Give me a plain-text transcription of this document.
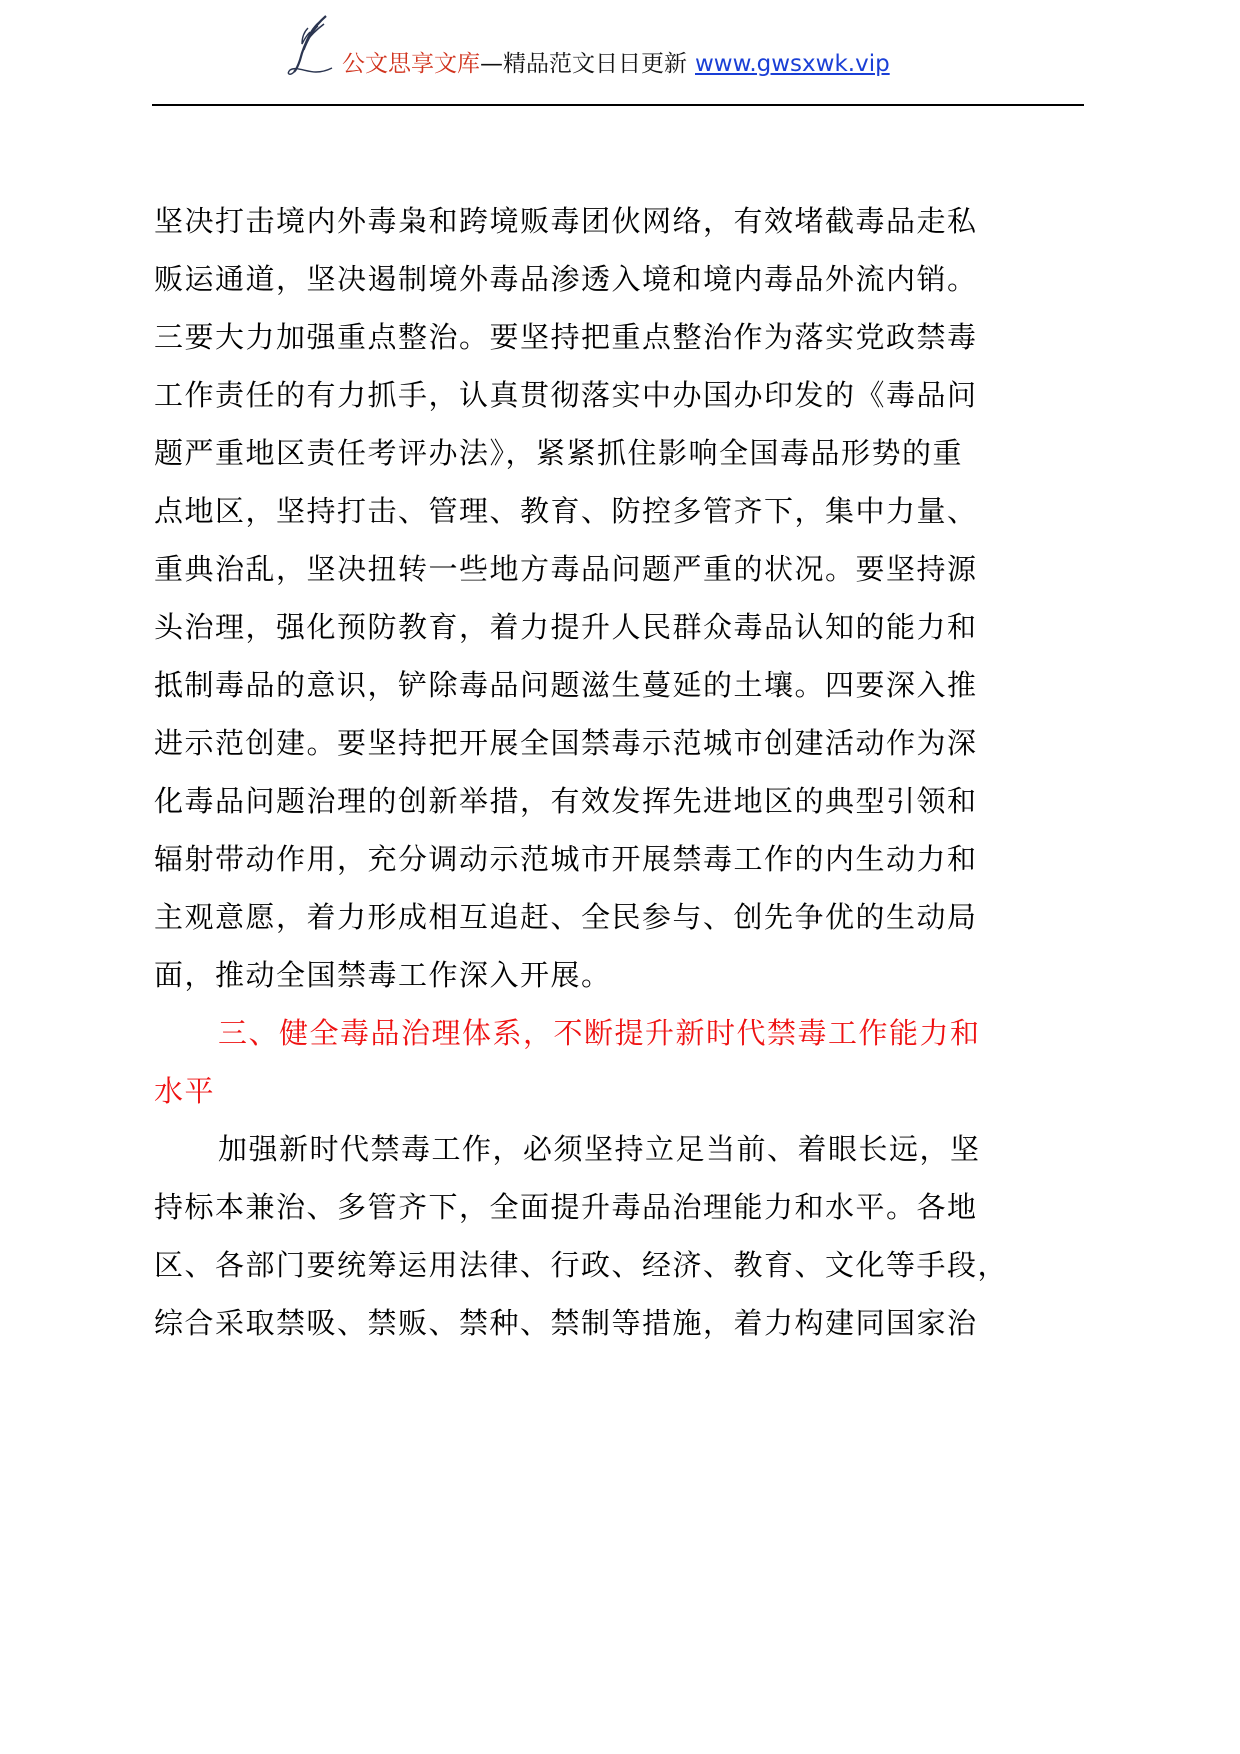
公文思享文库—精品范文日日更新 www.gwsxwk.vip
坚决打击境内外毒枭和跨境贩毒团伙网络，有效堵截毒品走私
贩运通道，坚决遏制境外毒品渗透入境和境内毒品外流内销。
三要大力加强重点整治。要坚持把重点整治作为落实党政禁毒
工作责任的有力抓手，认真贯彻落实中办国办印发的《毒品问
题严重地区责任考评办法》，紧紧抓住影响全国毒品形势的重
点地区，坚持打击、管理、教育、防控多管齐下，集中力量、
重典治乱，坚决扭转一些地方毒品问题严重的状况。要坚持源
头治理，强化预防教育，着力提升人民群众毒品认知的能力和
抵制毒品的意识，铲除毒品问题滋生蔓延的土壤。四要深入推
进示范创建。要坚持把开展全国禁毒示范城市创建活动作为深
化毒品问题治理的创新举措，有效发挥先进地区的典型引领和
辐射带动作用，充分调动示范城市开展禁毒工作的内生动力和
主观意愿，着力形成相互追赶、全民参与、创先争优的生动局
面，推动全国禁毒工作深入开展。
三、健全毒品治理体系，不断提升新时代禁毒工作能力和
水平
加强新时代禁毒工作，必须坚持立足当前、着眼长远，坚
持标本兼治、多管齐下，全面提升毒品治理能力和水平。各地
区、各部门要统筹运用法律、行政、经济、教育、文化等手段，
综合采取禁吸、禁贩、禁种、禁制等措施，着力构建同国家治
